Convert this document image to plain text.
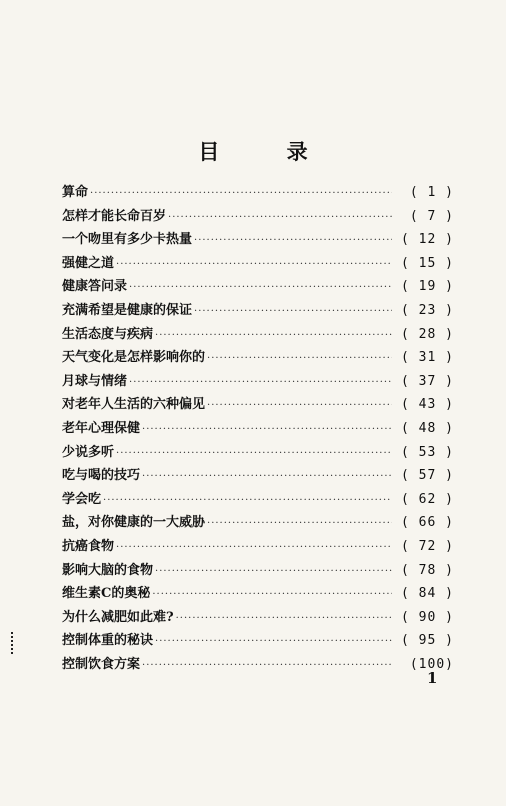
目 录
算命 ·····	( 1 )
怎样才能长命百岁 ·····	( 7 )
一个吻里有多少卡热量 ·····	( 12 )
强健之道 ·····	( 15 )
健康答问录 ·····	( 19 )
充满希望是健康的保证 ·····	( 23 )
生活态度与疾病 ·····	( 28 )
天气变化是怎样影响你的 ·····	( 31 )
月球与情绪 ·····	( 37 )
对老年人生活的六种偏见 ·····	( 43 )
老年心理保健 ·····	( 48 )
少说多听 ·····	( 53 )
吃与喝的技巧 ·····	( 57 )
学会吃 ·····	( 62 )
盐，对你健康的一大威胁 ·····	( 66 )
抗癌食物 ·····	( 72 )
影响大脑的食物 ·····	( 78 )
维生素C的奥秘 ·····	( 84 )
为什么减肥如此难? ·····	( 90 )
控制体重的秘诀 ·····	( 95 )
控制饮食方案 ·····	(100)
1
